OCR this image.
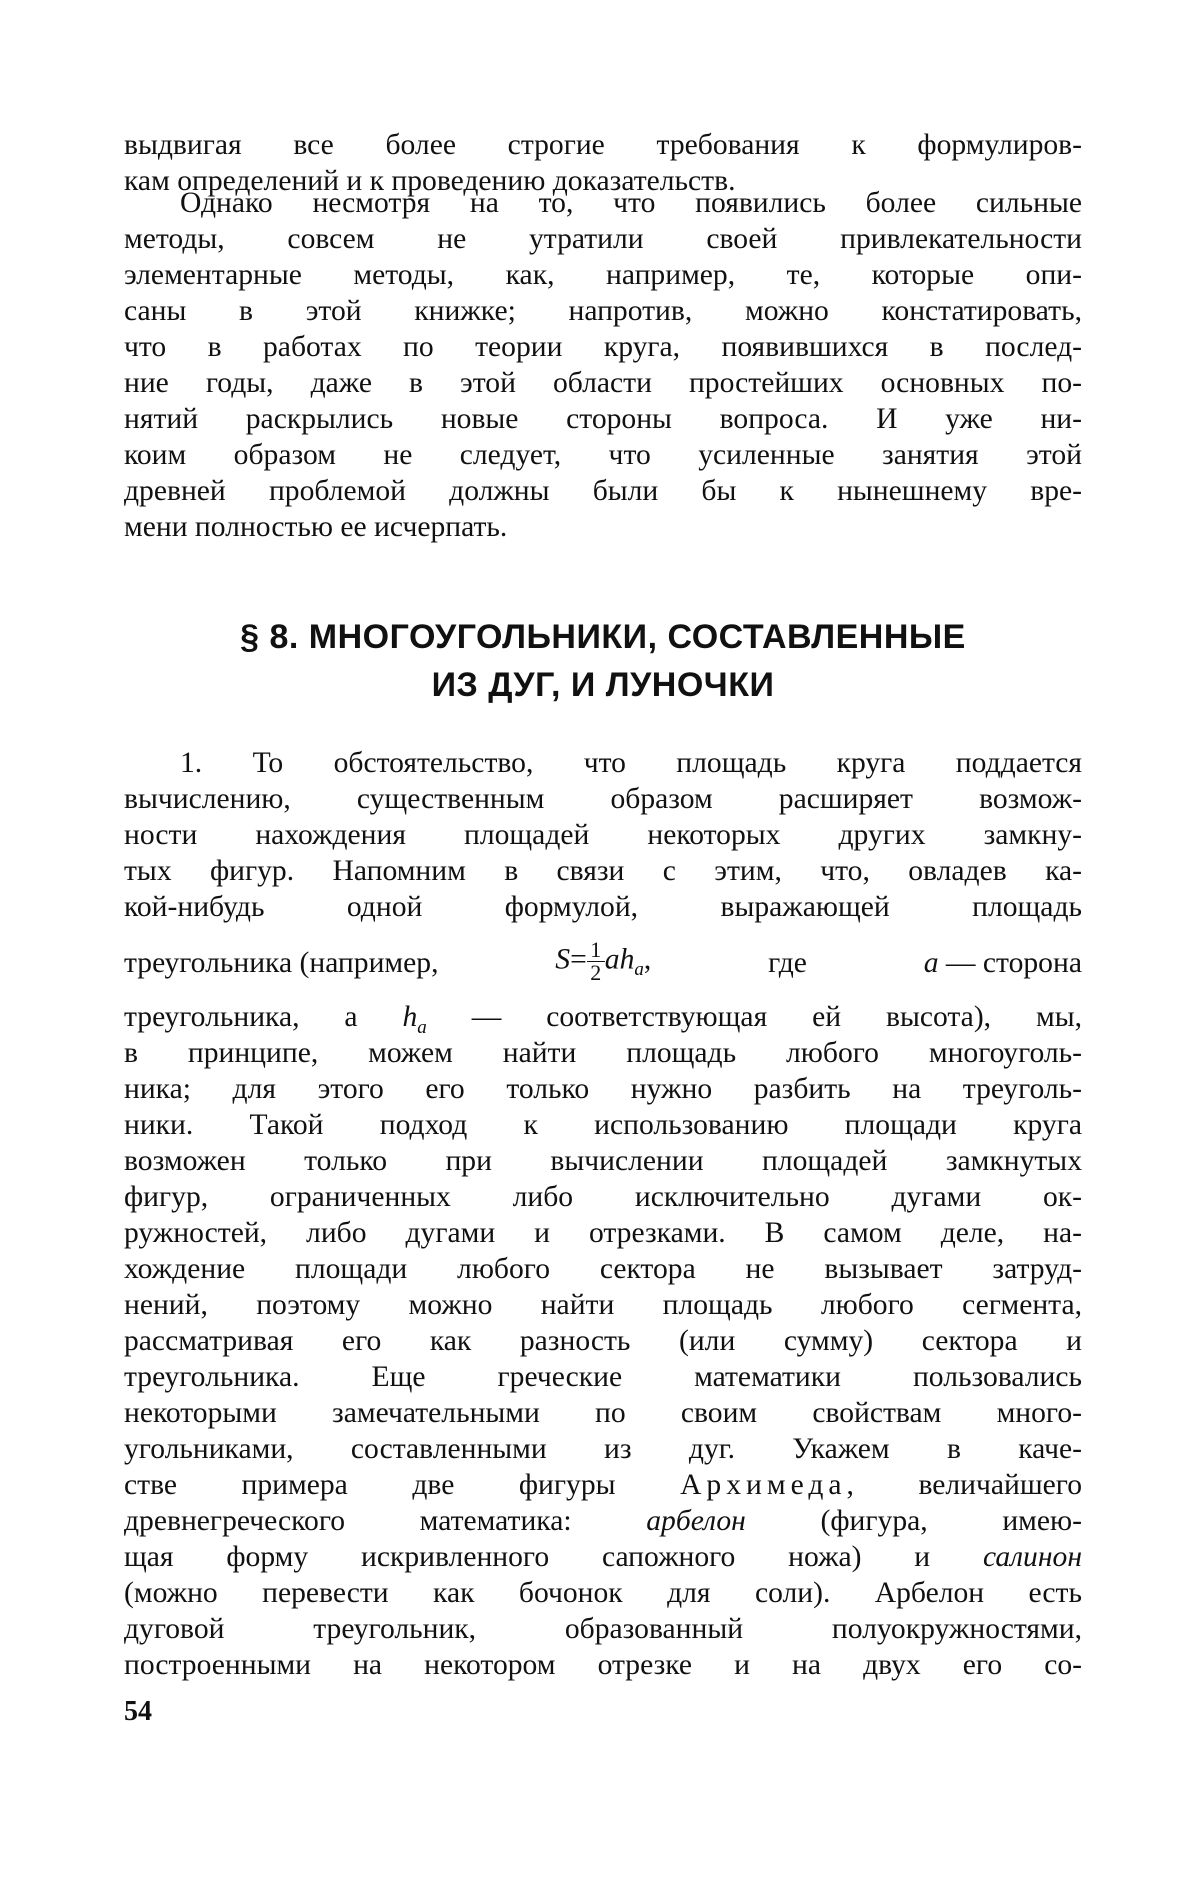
выдвигая все более строгие требования к формулиров-
кам определений и к проведению доказательств.
Однако несмотря на то, что появились более сильные
методы, совсем не утратили своей привлекательности
элементарные методы, как, например, те, которые опи-
саны в этой книжке; напротив, можно констатировать,
что в работах по теории круга, появившихся в послед-
ние годы, даже в этой области простейших основных по-
нятий раскрылись новые стороны вопроса. И уже ни-
коим образом не следует, что усиленные занятия этой
древней проблемой должны были бы к нынешнему вре-
мени полностью ее исчерпать.
§ 8. МНОГОУГОЛЬНИКИ, СОСТАВЛЕННЫЕ
ИЗ ДУГ, И ЛУНОЧКИ
1. То обстоятельство, что площадь круга поддается
вычислению, существенным образом расширяет возмож-
ности нахождения площадей некоторых других замкну-
тых фигур. Напомним в связи с этим, что, овладев ка-
кой-нибудь одной формулой, выражающей площадь
треугольника (например,	$S= \frac{1}{2} ah_a$,	где	a — сторона
треугольника, а $h_a$ — соответствующая ей высота), мы,
в принципе, можем найти площадь любого многоуголь-
ника; для этого его только нужно разбить на треуголь-
ники. Такой подход к использованию площади круга
возможен только при вычислении площадей замкнутых
фигур, ограниченных либо исключительно дугами ок-
ружностей, либо дугами и отрезками. В самом деле, на-
хождение площади любого сектора не вызывает затруд-
нений, поэтому можно найти площадь любого сегмента,
рассматривая его как разность (или сумму) сектора и
треугольника. Еще греческие математики пользовались
некоторыми замечательными по своим свойствам много-
угольниками, составленными из дуг. Укажем в каче-
стве примера две фигуры Архимеда, величайшего
древнегреческого математика:	арбелон	(фигура, имею-
щая форму искривленного сапожного ножа) и салинон
(можно перевести как бочонок для соли). Арбелон есть
дуговой треугольник, образованный полуокружностями,
построенными на некотором отрезке и на двух его со-
54
